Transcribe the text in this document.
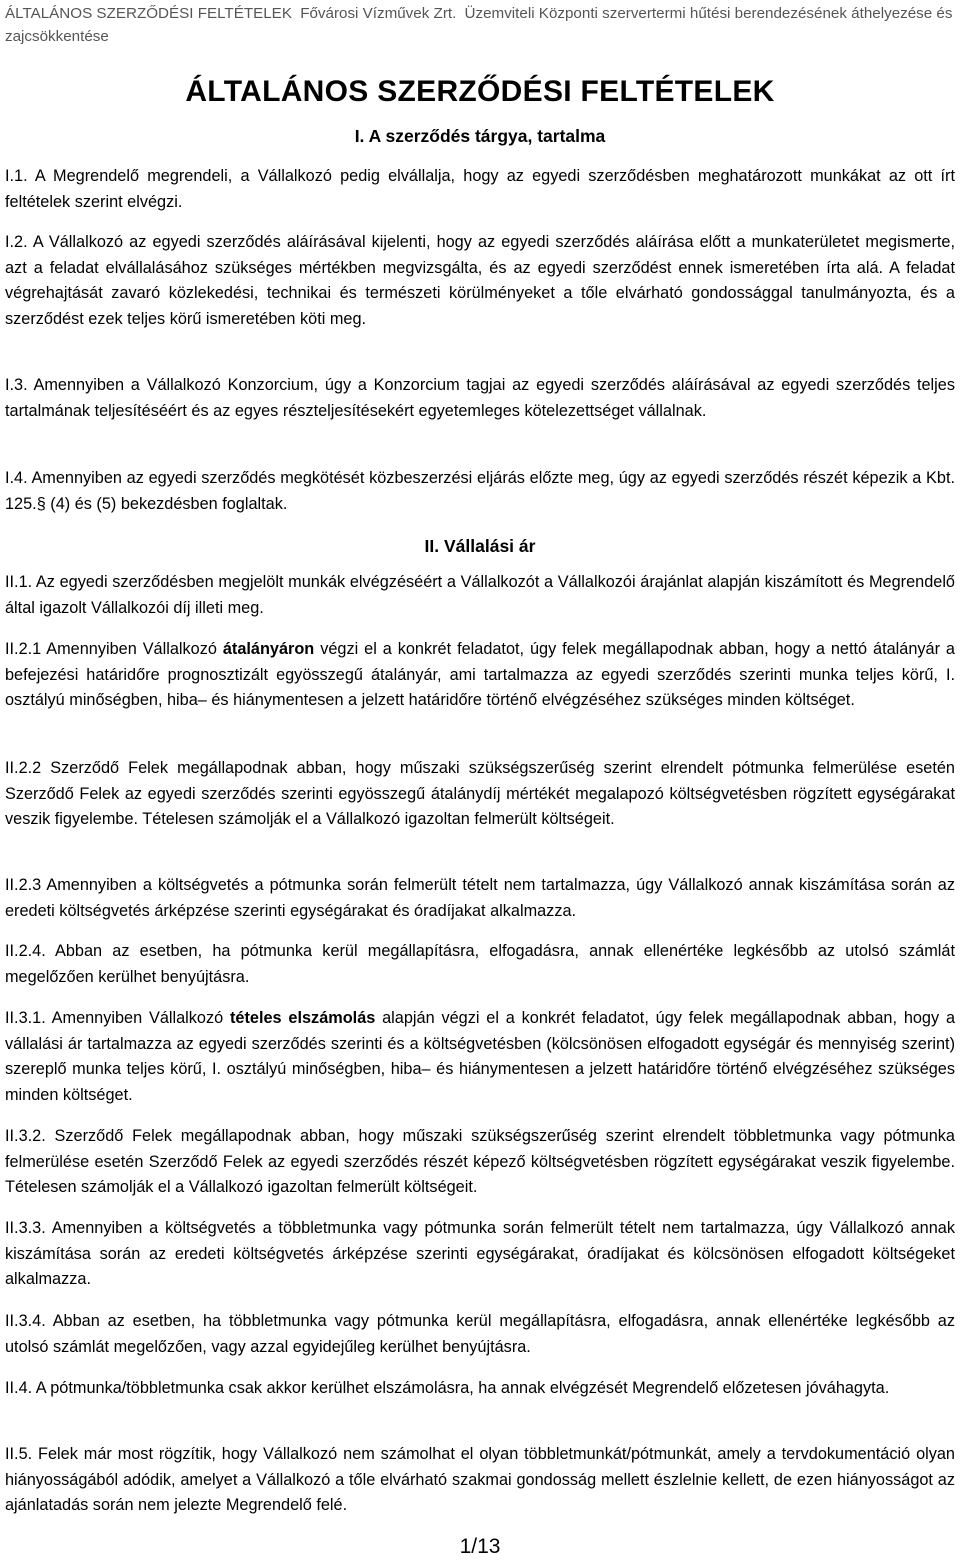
ÁLTALÁNOS SZERZŐDÉSI FELTÉTELEK Fővárosi Vízművek Zrt. Üzemviteli Központi szervertermi hűtési berendezésének áthelyezése és zajcsökkentése
ÁLTALÁNOS SZERZŐDÉSI FELTÉTELEK
I. A szerződés tárgya, tartalma
I.1. A Megrendelő megrendeli, a Vállalkozó pedig elvállalja, hogy az egyedi szerződésben meghatározott munkákat az ott írt feltételek szerint elvégzi.
I.2. A Vállalkozó az egyedi szerződés aláírásával kijelenti, hogy az egyedi szerződés aláírása előtt a munkaterületet megismerte, azt a feladat elvállalásához szükséges mértékben megvizsgálta, és az egyedi szerződést ennek ismeretében írta alá. A feladat végrehajtását zavaró közlekedési, technikai és természeti körülményeket a tőle elvárható gondossággal tanulmányozta, és a szerződést ezek teljes körű ismeretében köti meg.
I.3. Amennyiben a Vállalkozó Konzorcium, úgy a Konzorcium tagjai az egyedi szerződés aláírásával az egyedi szerződés teljes tartalmának teljesítéséért és az egyes részteljesítésekért egyetemleges kötelezettséget vállalnak.
I.4. Amennyiben az egyedi szerződés megkötését közbeszerzési eljárás előzte meg, úgy az egyedi szerződés részét képezik a Kbt. 125.§ (4) és (5) bekezdésben foglaltak.
II. Vállalási ár
II.1. Az egyedi szerződésben megjelölt munkák elvégzéséért a Vállalkozót a Vállalkozói árajánlat alapján kiszámított és Megrendelő által igazolt Vállalkozói díj illeti meg.
II.2.1 Amennyiben Vállalkozó átalányáron végzi el a konkrét feladatot, úgy felek megállapodnak abban, hogy a nettó átalányár a befejezési határidőre prognosztizált egyösszegű átalányár, ami tartalmazza az egyedi szerződés szerinti munka teljes körű, I. osztályú minőségben, hiba– és hiánymentesen a jelzett határidőre történő elvégzéséhez szükséges minden költséget.
II.2.2 Szerződő Felek megállapodnak abban, hogy műszaki szükségszerűség szerint elrendelt pótmunka felmerülése esetén Szerződő Felek az egyedi szerződés szerinti egyösszegű átalánydíj mértékét megalapozó költségvetésben rögzített egységárakat veszik figyelembe. Tételesen számolják el a Vállalkozó igazoltan felmerült költségeit.
II.2.3 Amennyiben a költségvetés a pótmunka során felmerült tételt nem tartalmazza, úgy Vállalkozó annak kiszámítása során az eredeti költségvetés árképzése szerinti egységárakat és óradíjakat alkalmazza.
II.2.4. Abban az esetben, ha pótmunka kerül megállapításra, elfogadásra, annak ellenértéke legkésőbb az utolsó számlát megelőzően kerülhet benyújtásra.
II.3.1. Amennyiben Vállalkozó tételes elszámolás alapján végzi el a konkrét feladatot, úgy felek megállapodnak abban, hogy a vállalási ár tartalmazza az egyedi szerződés szerinti és a költségvetésben (kölcsönösen elfogadott egységár és mennyiség szerint) szereplő munka teljes körű, I. osztályú minőségben, hiba– és hiánymentesen a jelzett határidőre történő elvégzéséhez szükséges minden költséget.
II.3.2. Szerződő Felek megállapodnak abban, hogy műszaki szükségszerűség szerint elrendelt többletmunka vagy pótmunka felmerülése esetén Szerződő Felek az egyedi szerződés részét képező költségvetésben rögzített egységárakat veszik figyelembe. Tételesen számolják el a Vállalkozó igazoltan felmerült költségeit.
II.3.3. Amennyiben a költségvetés a többletmunka vagy pótmunka során felmerült tételt nem tartalmazza, úgy Vállalkozó annak kiszámítása során az eredeti költségvetés árképzése szerinti egységárakat, óradíjakat és kölcsönösen elfogadott költségeket alkalmazza.
II.3.4. Abban az esetben, ha többletmunka vagy pótmunka kerül megállapításra, elfogadásra, annak ellenértéke legkésőbb az utolsó számlát megelőzően, vagy azzal egyidejűleg kerülhet benyújtásra.
II.4. A pótmunka/többletmunka csak akkor kerülhet elszámolásra, ha annak elvégzését Megrendelő előzetesen jóváhagyta.
II.5. Felek már most rögzítik, hogy Vállalkozó nem számolhat el olyan többletmunkát/pótmunkát, amely a tervdokumentáció olyan hiányosságából adódik, amelyet a Vállalkozó a tőle elvárható szakmai gondosság mellett észlelnie kellett, de ezen hiányosságot az ajánlatadás során nem jelezte Megrendelő felé.
1/13
